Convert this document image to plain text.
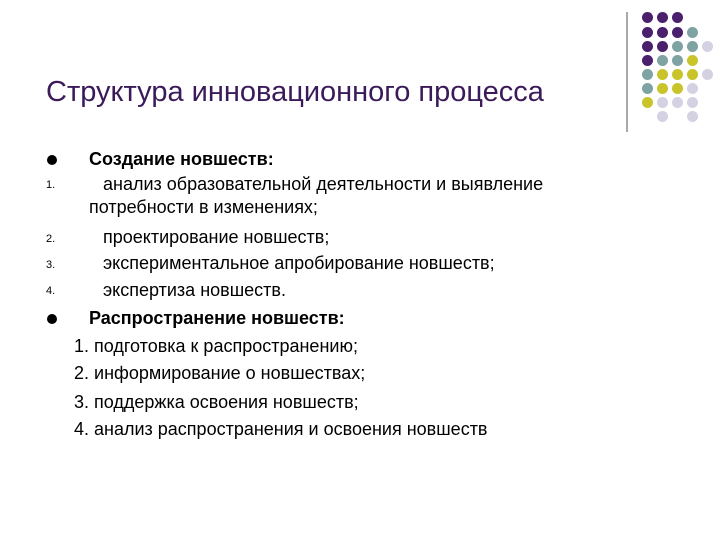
Структура инновационного процесса
Создание новшеств:
1.	анализ образовательной деятельности и выявление
потребности в изменениях;
2.	проектирование новшеств;
3.	экспериментальное апробирование новшеств;
4.	экспертиза новшеств.
Распространение новшеств:
1. подготовка к распространению;
2. информирование о новшествах;
3. поддержка освоения новшеств;
4. анализ распространения и освоения новшеств
